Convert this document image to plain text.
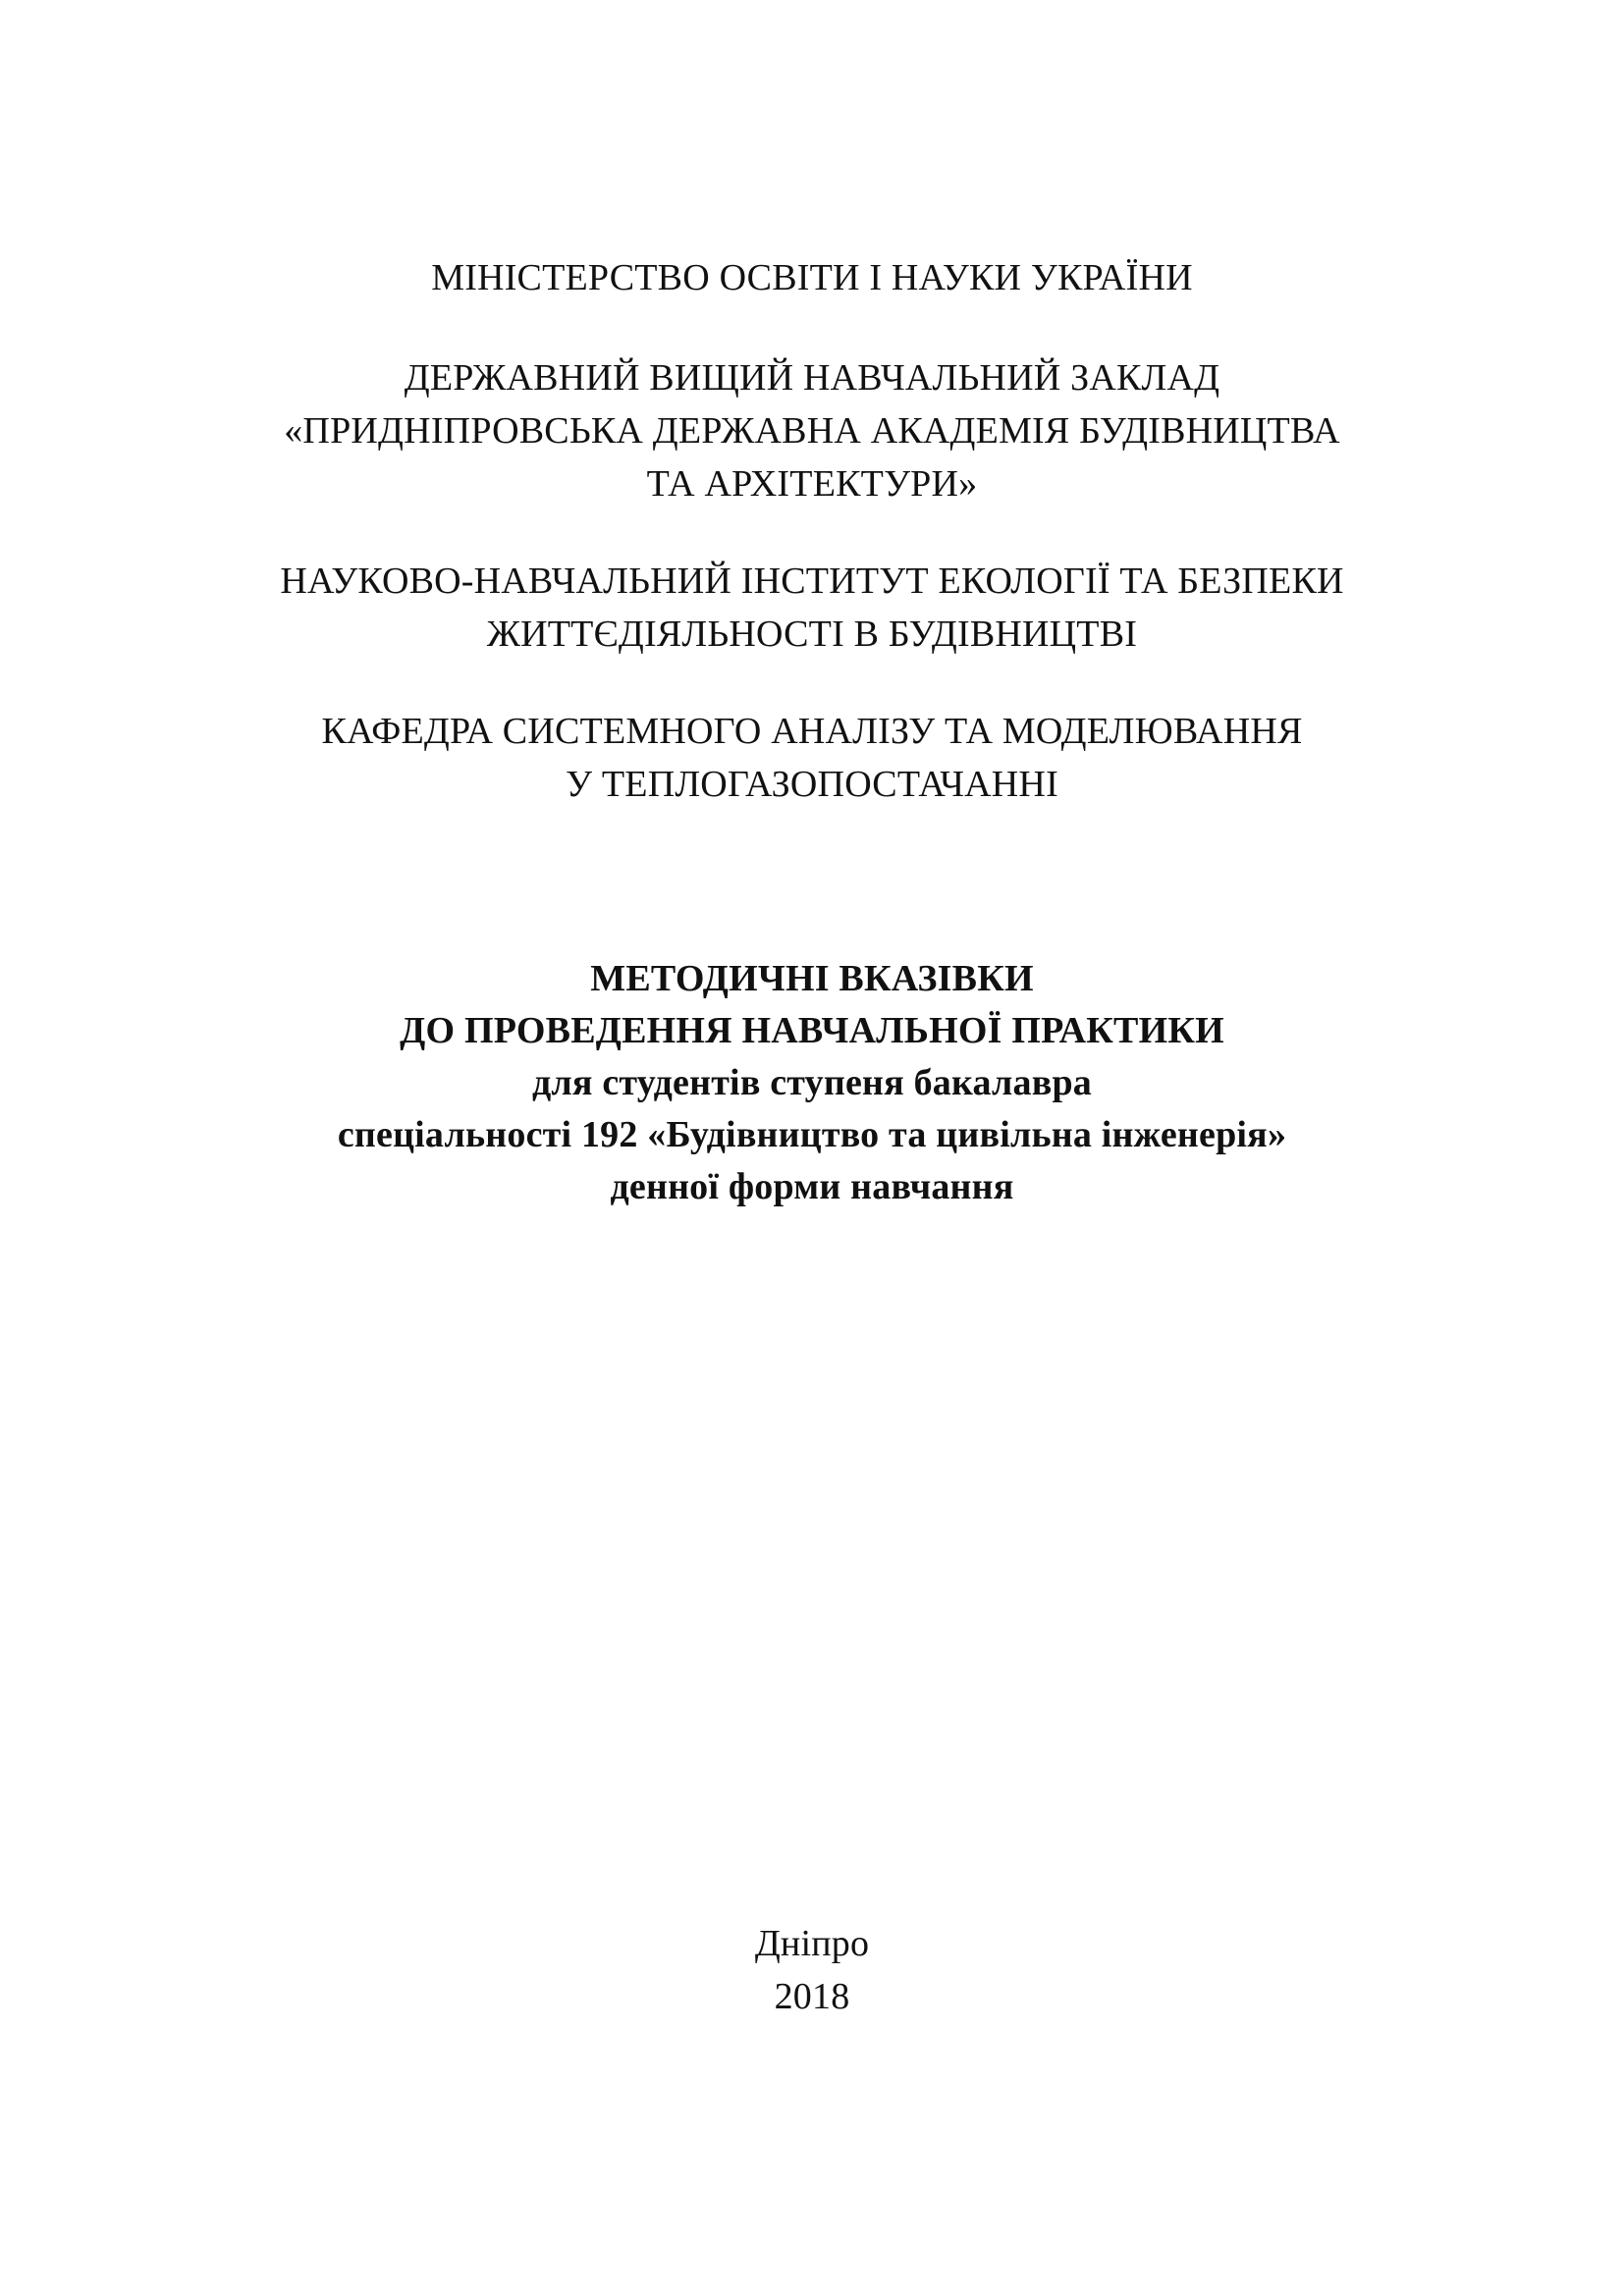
МІНІСТЕРСТВО ОСВІТИ І НАУКИ УКРАЇНИ
ДЕРЖАВНИЙ ВИЩИЙ НАВЧАЛЬНИЙ ЗАКЛАД
«ПРИДНІПРОВСЬКА ДЕРЖАВНА АКАДЕМІЯ БУДІВНИЦТВА
ТА АРХІТЕКТУРИ»
НАУКОВО-НАВЧАЛЬНИЙ ІНСТИТУТ ЕКОЛОГІЇ ТА БЕЗПЕКИ
ЖИТТЄДІЯЛЬНОСТІ В БУДІВНИЦТВІ
КАФЕДРА СИСТЕМНОГО АНАЛІЗУ ТА МОДЕЛЮВАННЯ
У ТЕПЛОГАЗОПОСТАЧАННІ
МЕТОДИЧНІ ВКАЗІВКИ
ДО ПРОВЕДЕННЯ НАВЧАЛЬНОЇ ПРАКТИКИ
для студентів ступеня бакалавра
спеціальності 192 «Будівництво та цивільна інженерія»
денної форми навчання
Дніпро
2018
